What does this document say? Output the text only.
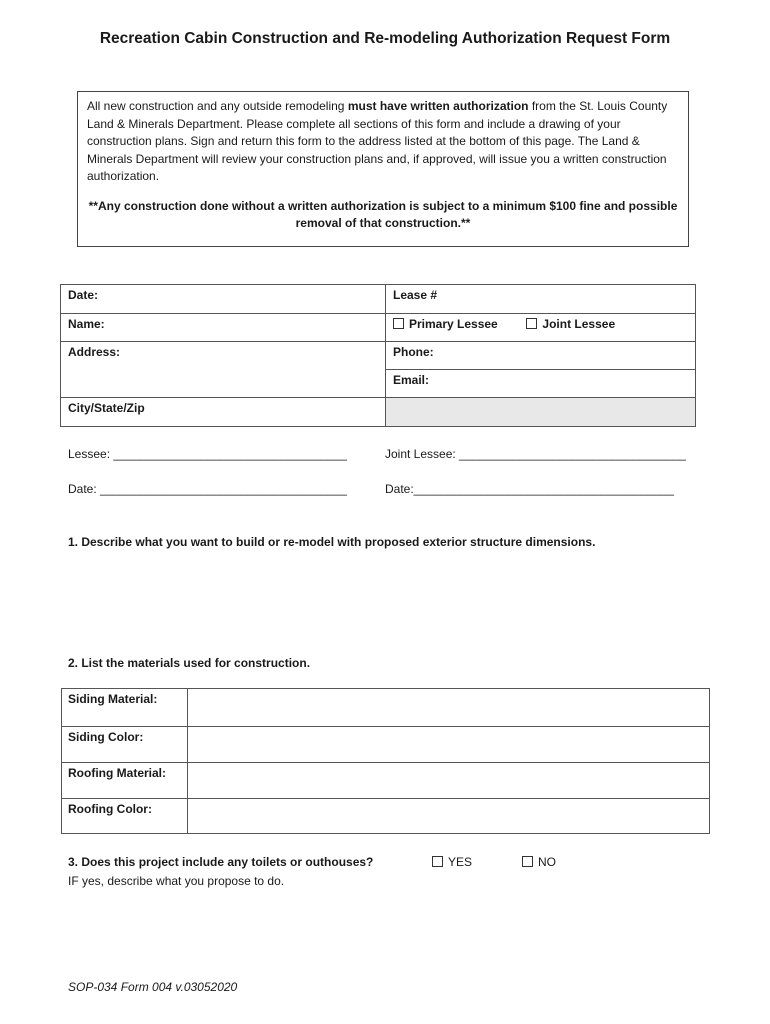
Recreation Cabin Construction and Re-modeling Authorization Request Form

All new construction and any outside remodeling must have written authorization from the St. Louis County Land & Minerals Department. Please complete all sections of this form and include a drawing of your construction plans. Sign and return this form to the address listed at the bottom of this page. The Land & Minerals Department will review your construction plans and, if approved, will issue you a written construction authorization.

**Any construction done without a written authorization is subject to a minimum $100 fine and possible removal of that construction.**

Date:	Lease #
Name:	Primary Lessee Joint Lessee
Address:	Phone:
	Email:
City/State/Zip	
Lessee: ___________________________________	Joint Lessee: __________________________________
Date: _____________________________________	Date:_______________________________________
1. Describe what you want to build or re-model with proposed exterior structure dimensions.
2. List the materials used for construction.
Siding Material:	
Siding Color:	
Roofing Material:	
Roofing Color:	
3. Does this project include any toilets or outhouses?	YES	NO
IF yes, describe what you propose to do.
SOP-034 Form 004 v.03052020
